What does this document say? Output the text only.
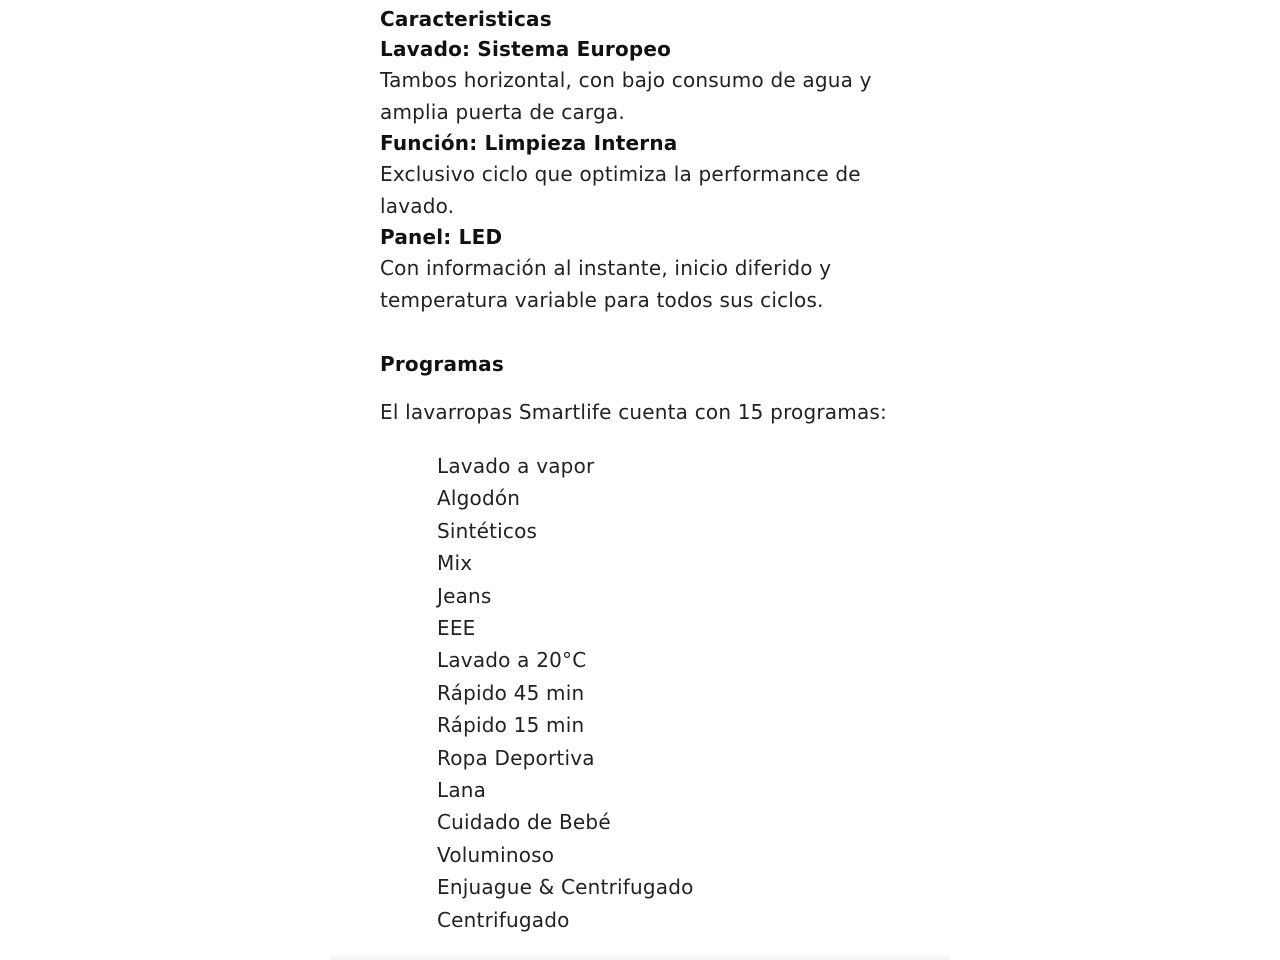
Caracteristicas
Lavado: Sistema Europeo
Tambos horizontal, con bajo consumo de agua y
amplia puerta de carga.
Función: Limpieza Interna
Exclusivo ciclo que optimiza la performance de
lavado.
Panel: LED
Con información al instante, inicio diferido y
temperatura variable para todos sus ciclos.
Programas
El lavarropas Smartlife cuenta con 15 programas:
Lavado a vapor
Algodón
Sintéticos
Mix
Jeans
EEE
Lavado a 20°C
Rápido 45 min
Rápido 15 min
Ropa Deportiva
Lana
Cuidado de Bebé
Voluminoso
Enjuague & Centrifugado
Centrifugado
